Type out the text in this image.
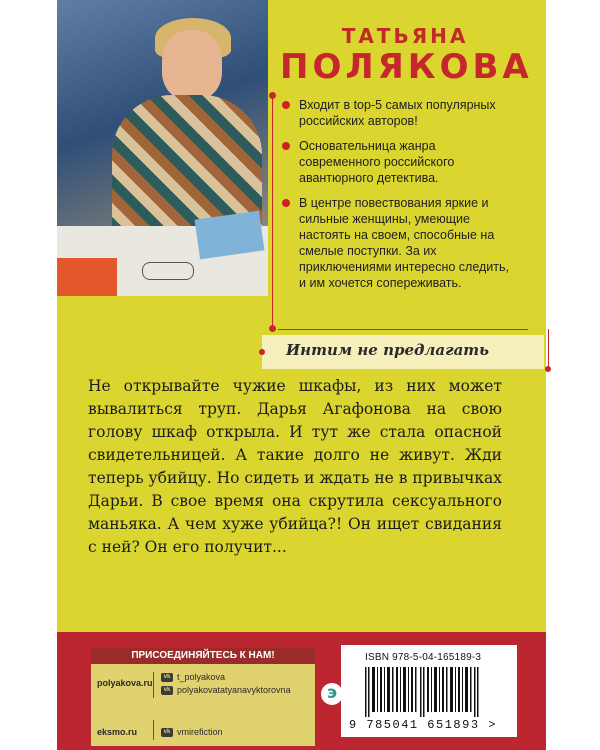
ТАТЬЯНА
ПОЛЯКОВА
Входит в top-5 самых популярных российских авторов!
Основательница жанра современного российского авантюрного детектива.
В центре повествования яркие и сильные женщины, умеющие настоять на своем, способные на смелые поступки. За их приключениями интересно следить, и им хочется сопереживать.
Интим не предлагать
Не открывайте чужие шкафы, из них может вывалиться труп. Дарья Агафонова на свою голову шкаф открыла. И тут же стала опасной свидетельницей. А такие долго не живут. Жди теперь убийцу. Но сидеть и ждать не в привычках Дарьи. В свое время она скрутила сексуального маньяка. А чем хуже убийца?! Он ищет свидания с ней? Он его получит...
ПРИСОЕДИНЯЙТЕСЬ К НАМ!
polyakova.ru
eksmo.ru
vk t_polyakova
vk polyakovatatyanavyktorovna
vk vmirefiction
э
ISBN 978-5-04-165189-3
9 785041 651893 >
